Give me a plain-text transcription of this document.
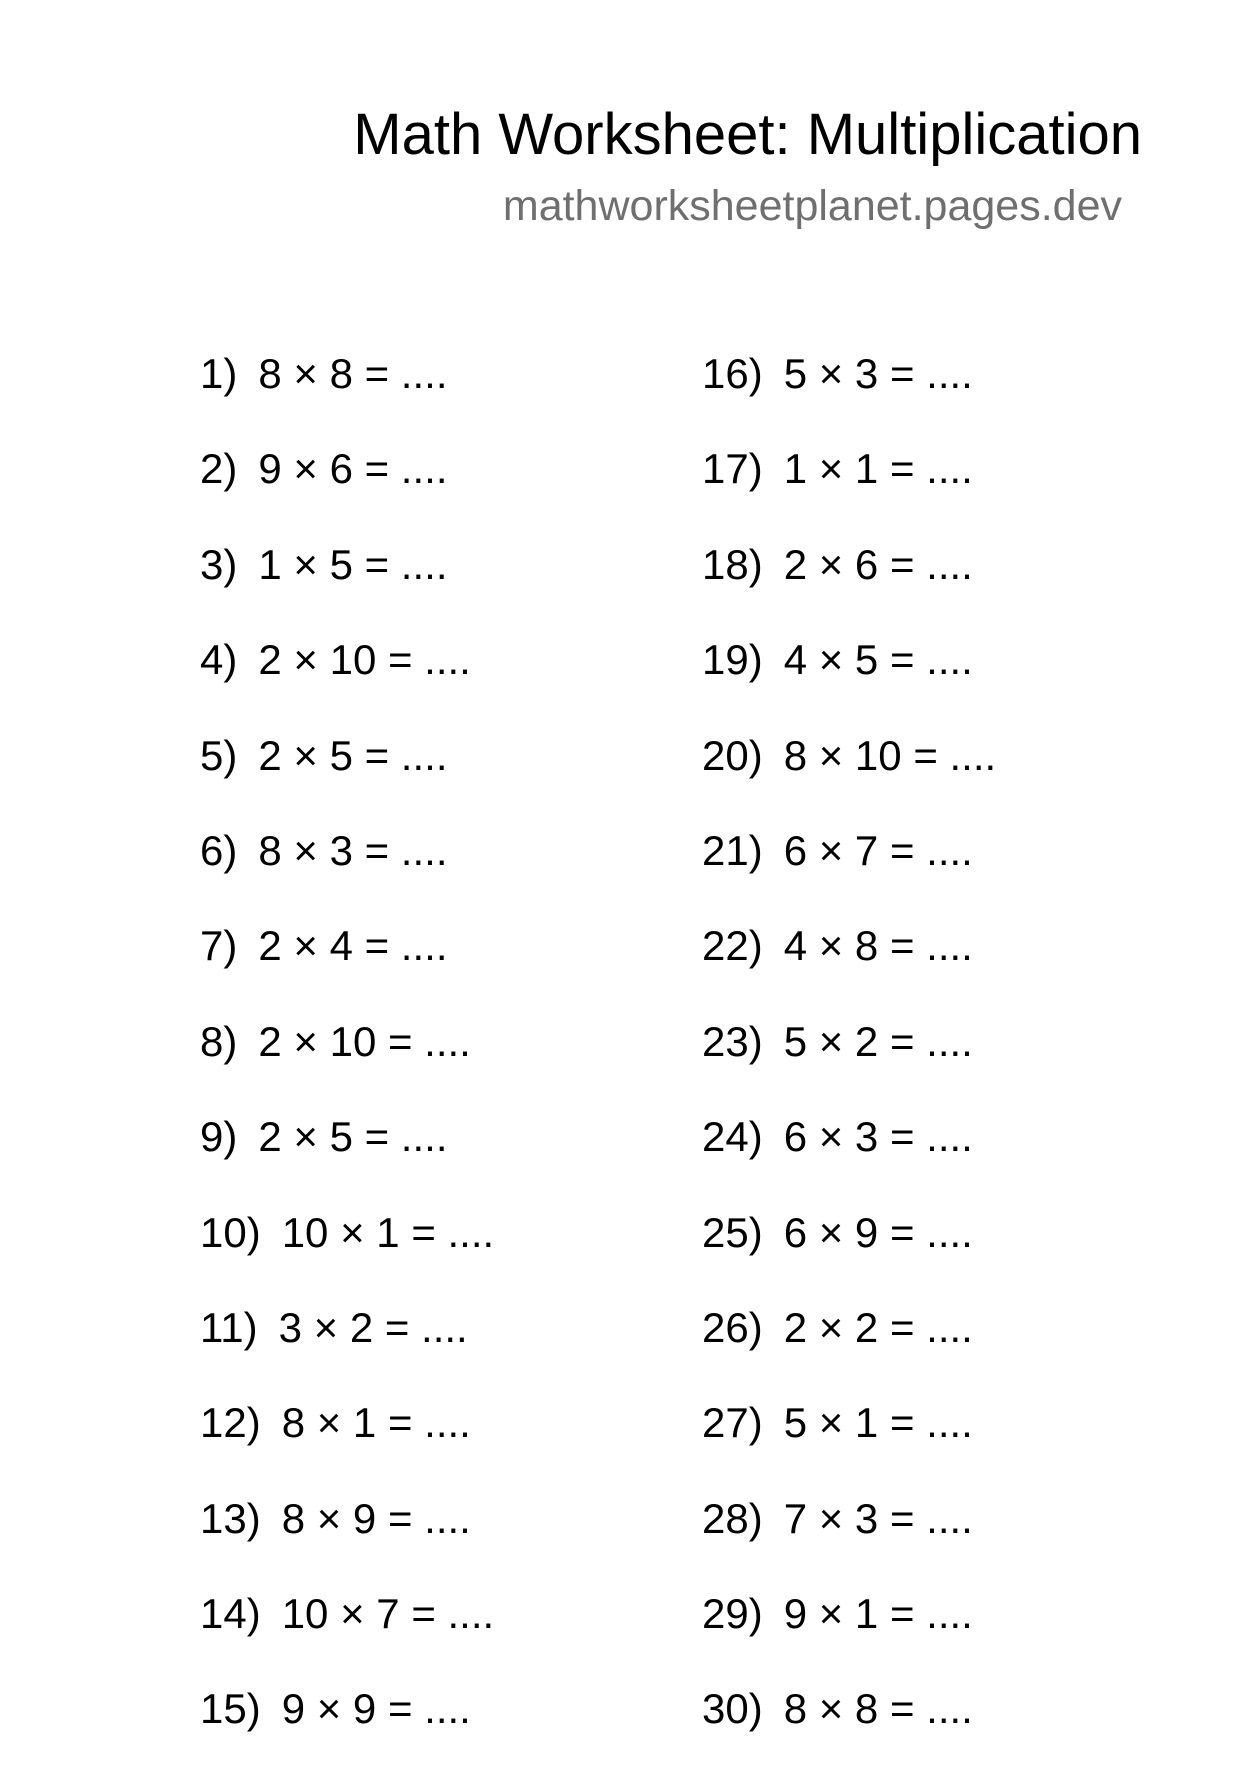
Math Worksheet: Multiplication
mathworksheetplanet.pages.dev
1) 8 × 8 = ....
2) 9 × 6 = ....
3) 1 × 5 = ....
4) 2 × 10 = ....
5) 2 × 5 = ....
6) 8 × 3 = ....
7) 2 × 4 = ....
8) 2 × 10 = ....
9) 2 × 5 = ....
10) 10 × 1 = ....
11) 3 × 2 = ....
12) 8 × 1 = ....
13) 8 × 9 = ....
14) 10 × 7 = ....
15) 9 × 9 = ....
16) 5 × 3 = ....
17) 1 × 1 = ....
18) 2 × 6 = ....
19) 4 × 5 = ....
20) 8 × 10 = ....
21) 6 × 7 = ....
22) 4 × 8 = ....
23) 5 × 2 = ....
24) 6 × 3 = ....
25) 6 × 9 = ....
26) 2 × 2 = ....
27) 5 × 1 = ....
28) 7 × 3 = ....
29) 9 × 1 = ....
30) 8 × 8 = ....
